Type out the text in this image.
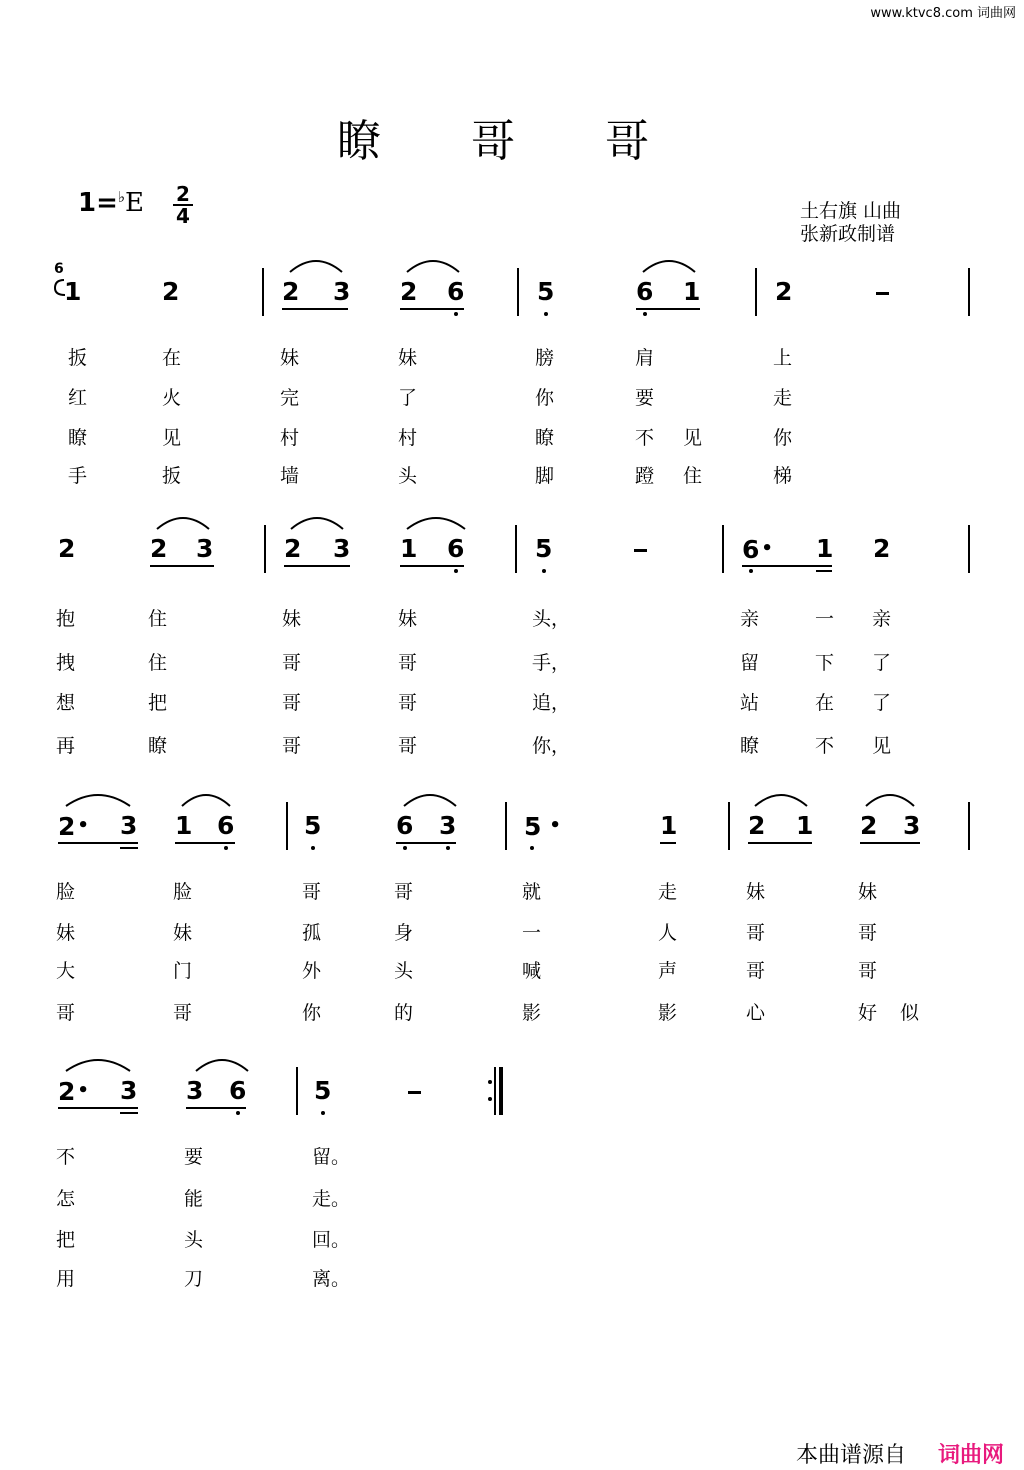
www.ktvc8.com 词曲网
瞭 哥 哥
1=♭E 2
4	土右旗 山曲
张新政制谱
6
1	2	2 3 2 6	5	6 1	2
扳	在	妹	妹	膀	肩	上
红	火	完	了	你	要	走
瞭	见	村	村	瞭	不 见	你
手	扳	墙	头	脚	蹬 住	梯
2	2 3	2 3 1 6	5	6 • 1 2
抱	住	妹	妹	头，	亲	一 亲
拽	住	哥	哥	手，	留	下 了
想	把	哥	哥	追，	站	在 了
再	瞭	哥	哥	你，	瞭	不 见
2 • 3 1 6	5	6 3	5 •	1	2 1 2 3
脸	脸	哥	哥	就	走	妹	妹
妹	妹	孤	身	一	人	哥	哥
大	门	外	头	喊	声	哥	哥
哥	哥	你	的	影	影	心	好 似
2 • 3 3 6	5
不	要	留。
怎	能	走。
把	头	回。
用	刀	离。
本曲谱源自 词曲网
